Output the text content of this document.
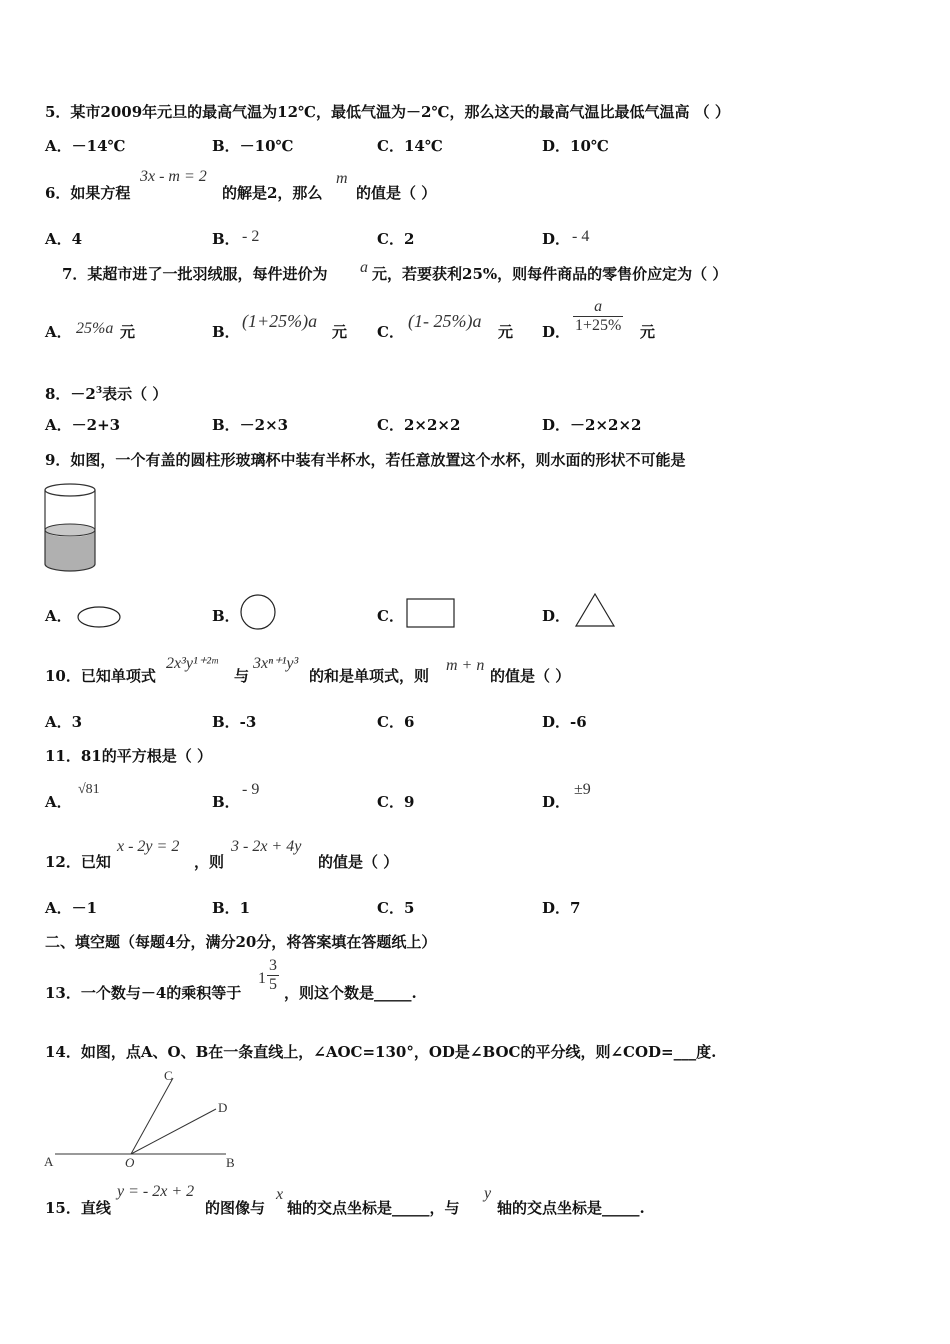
5．某市2009年元旦的最高气温为12℃，最低气温为－2℃，那么这天的最高气温比最低气温高 （ ）
A．－14℃	B．－10℃	C．14℃	D．10℃
6．如果方程
3x - m = 2
的解是2，那么
m
的值是（ ）
A．4	B． - 2	C．2	D． - 4
7．某超市进了一批羽绒服，每件进价为 a 元，若要获利25%，则每件商品的零售价应定为（ ）
A． 25%a 元	B．
(1+25%)a
元 C．
(1- 25%)a
元 D． $\frac{a}{1+25\%}$ 元
8．$-2^3$表示（ ）
A．－2+3	B．－2×3	C．2×2×2	D．－2×2×2
9．如图，一个有盖的圆柱形玻璃杯中装有半杯水，若任意放置这个水杯，则水面的形状不可能是
A．	B．	C．	D．
10．已知单项式
2x³y¹⁺²ᵐ
与
3xⁿ⁺¹y³
的和是单项式，则
m + n
的值是（ ）
A．3	B．-3	C．6	D．-6
11．81的平方根是（ ）
A．
√81
B．
- 9
C．9	D．
±9
12．已知
x - 2y = 2
，则
3 - 2x + 4y
的值是（ ）
A．－1	B．1	C．5	D．7
二、填空题（每题4分，满分20分，将答案填在答题纸上）
13．一个数与－4的乘积等于
$1 \frac{3}{5}$ ，则这个数是_____.
14．如图，点A、O、B在一条直线上，∠AOC=130°，OD是∠BOC的平分线，则∠COD=___度.
A	O	B
C
D
15．直线
y = - 2x + 2
的图像与
x
轴的交点坐标是_____，与
y
轴的交点坐标是_____.
